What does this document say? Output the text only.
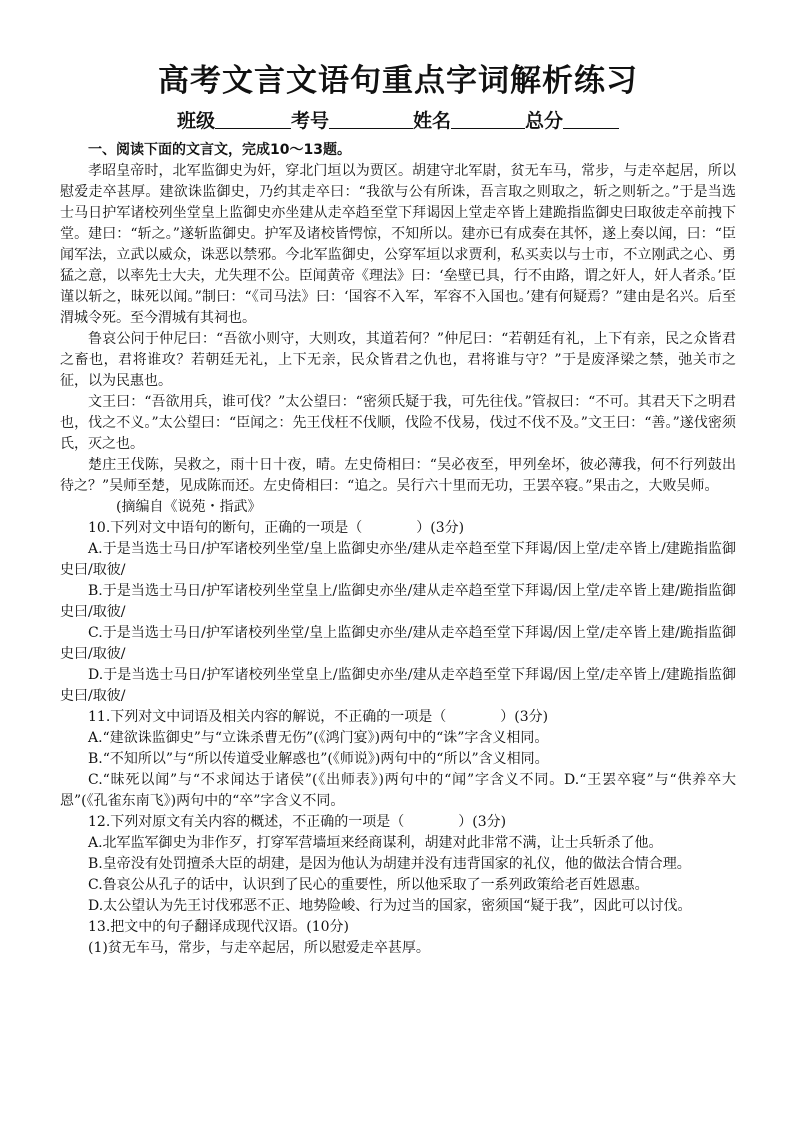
高考文言文语句重点字词解析练习
班级	考号	姓名	总分

一、阅读下面的文言文，完成10～13题。

孝昭皇帝时，北军监御史为奸，穿北门垣以为贾区。胡建守北军尉，贫无车马，常步，与走卒起居，所以慰爱走卒甚厚。建欲诛监御史，乃约其走卒曰：“我欲与公有所诛，吾言取之则取之，斩之则斩之。”于是当选士马日护军诸校列坐堂皇上监御史亦坐建从走卒趋至堂下拜谒因上堂走卒皆上建跪指监御史曰取彼走卒前拽下堂。建曰：“斩之。”遂斩监御史。护军及诸校皆愕惊，不知所以。建亦已有成奏在其怀，遂上奏以闻，曰：“臣闻军法，立武以威众，诛恶以禁邪。今北军监御史，公穿军垣以求贾利，私买卖以与士市，不立刚武之心、勇猛之意，以率先士大夫，尤失理不公。臣闻黄帝《理法》曰：‘垒壁已具，行不由路，谓之奸人，奸人者杀。’臣谨以斩之，昧死以闻。”制曰：“《司马法》曰：‘国容不入军，军容不入国也。’建有何疑焉？”建由是名兴。后至渭城令死。至今渭城有其祠也。

鲁哀公问于仲尼曰：“吾欲小则守，大则攻，其道若何？”仲尼曰：“若朝廷有礼，上下有亲，民之众皆君之畜也，君将谁攻？若朝廷无礼，上下无亲，民众皆君之仇也，君将谁与守？”于是废泽梁之禁，弛关市之征，以为民惠也。

文王曰：“吾欲用兵，谁可伐？”太公望曰：“密须氏疑于我，可先往伐。”管叔曰：“不可。其君天下之明君也，伐之不义。”太公望曰：“臣闻之：先王伐枉不伐顺，伐险不伐易，伐过不伐不及。”文王曰：“善。”遂伐密须氏，灭之也。

楚庄王伐陈，吴救之，雨十日十夜，晴。左史倚相曰：“吴必夜至，甲列垒坏，彼必薄我，何不行列鼓出待之？”吴师至楚，见成陈而还。左史倚相曰：“追之。吴行六十里而无功，王罢卒寝。”果击之，大败吴师。

(摘编自《说苑・指武》

10.下列对文中语句的断句，正确的一项是（	）(3分)

A.于是当选士马日/护军诸校列坐堂/皇上监御史亦坐/建从走卒趋至堂下拜谒/因上堂/走卒皆上/建跪指监御史曰/取彼/

B.于是当选士马日/护军诸校列坐堂皇上/监御史亦坐/建从走卒趋至堂下拜谒/因上堂/走卒皆上建/跪指监御史曰/取彼/

C.于是当选士马日/护军诸校列坐堂/皇上监御史亦坐/建从走卒趋至堂下拜谒/因上堂/走卒皆上建/跪指监御史曰/取彼/

D.于是当选士马日/护军诸校列坐堂皇上/监御史亦坐/建从走卒趋至堂下拜谒/因上堂/走卒皆上/建跪指监御史曰/取彼/

11.下列对文中词语及相关内容的解说，不正确的一项是（	）(3分)

A.“建欲诛监御史”与“立诛杀曹无伤”(《鸿门宴》)两句中的“诛”字含义相同。

B.“不知所以”与“所以传道受业解惑也”(《师说》)两句中的“所以”含义相同。

C.“昧死以闻”与“不求闻达于诸侯”(《出师表》)两句中的“闻”字含义不同。D.“王罢卒寝”与“供养卒大恩”(《孔雀东南飞》)两句中的“卒”字含义不同。

12.下列对原文有关内容的概述，不正确的一项是（	）(3分)

A.北军监军御史为非作歹，打穿军营墙垣来经商谋利，胡建对此非常不满，让士兵斩杀了他。

B.皇帝没有处罚擅杀大臣的胡建，是因为他认为胡建并没有违背国家的礼仪，他的做法合情合理。

C.鲁哀公从孔子的话中，认识到了民心的重要性，所以他采取了一系列政策给老百姓恩惠。

D.太公望认为先王讨伐邪恶不正、地势险峻、行为过当的国家，密须国“疑于我”，因此可以讨伐。

13.把文中的句子翻译成现代汉语。(10分)

(1)贫无车马，常步，与走卒起居，所以慰爱走卒甚厚。
